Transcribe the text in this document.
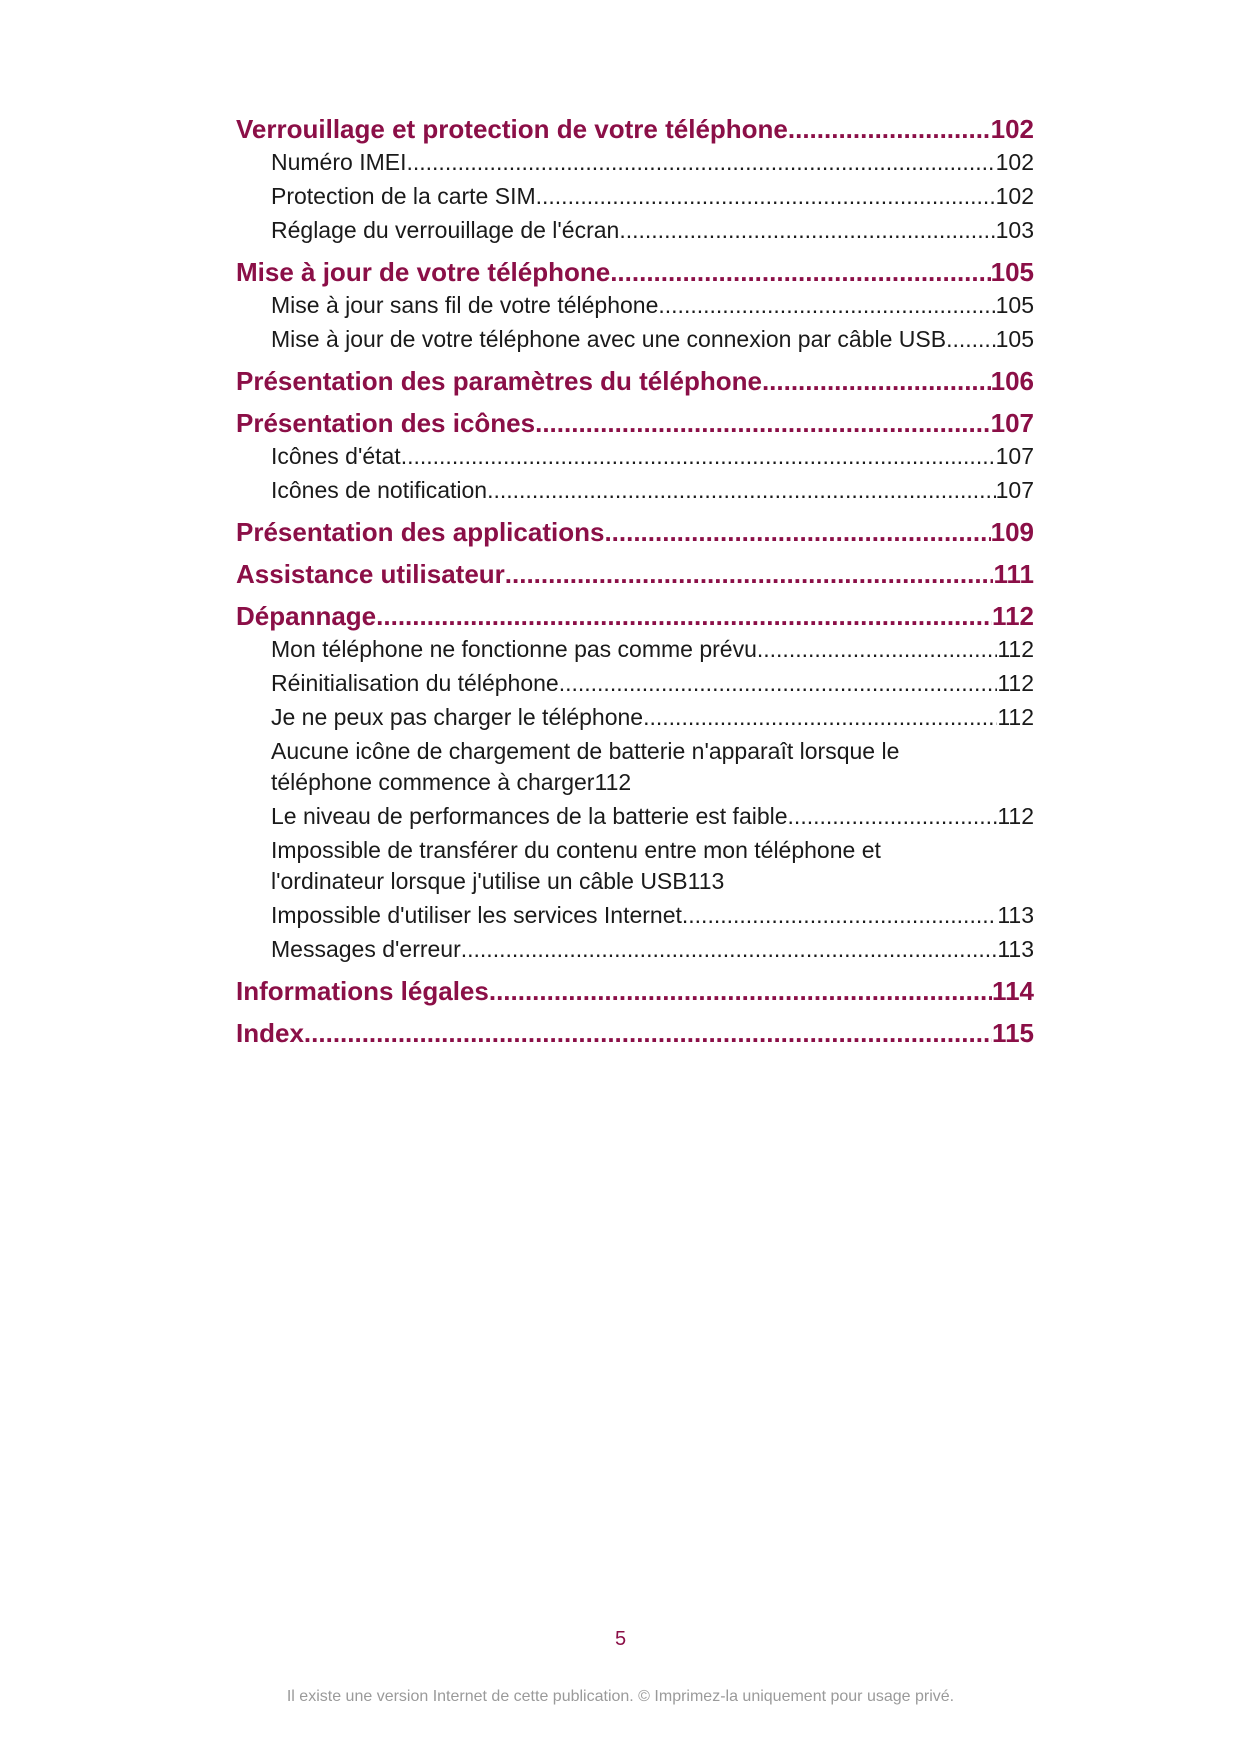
Verrouillage et protection de votre téléphone .....	102
Numéro IMEI .....	102
Protection de la carte SIM .....	102
Réglage du verrouillage de l'écran .....	103
Mise à jour de votre téléphone .....	105
Mise à jour sans fil de votre téléphone .....	105
Mise à jour de votre téléphone avec une connexion par câble USB. ..... 105
Présentation des paramètres du téléphone .....	106
Présentation des icônes .....	107
Icônes d'état .....	107
Icônes de notification .....	107
Présentation des applications .....	109
Assistance utilisateur .....	111
Dépannage .....	112
Mon téléphone ne fonctionne pas comme prévu .....	112
Réinitialisation du téléphone .....	112
Je ne peux pas charger le téléphone .....	112
Aucune icône de chargement de batterie n'apparaît lorsque le
téléphone commence à charger 112
Le niveau de performances de la batterie est faible .....	112
Impossible de transférer du contenu entre mon téléphone et
l'ordinateur lorsque j'utilise un câble USB 113
Impossible d'utiliser les services Internet .....	113
Messages d'erreur .....	113
Informations légales .....	114
Index .....	115
5
Il existe une version Internet de cette publication. © Imprimez-la uniquement pour usage privé.
